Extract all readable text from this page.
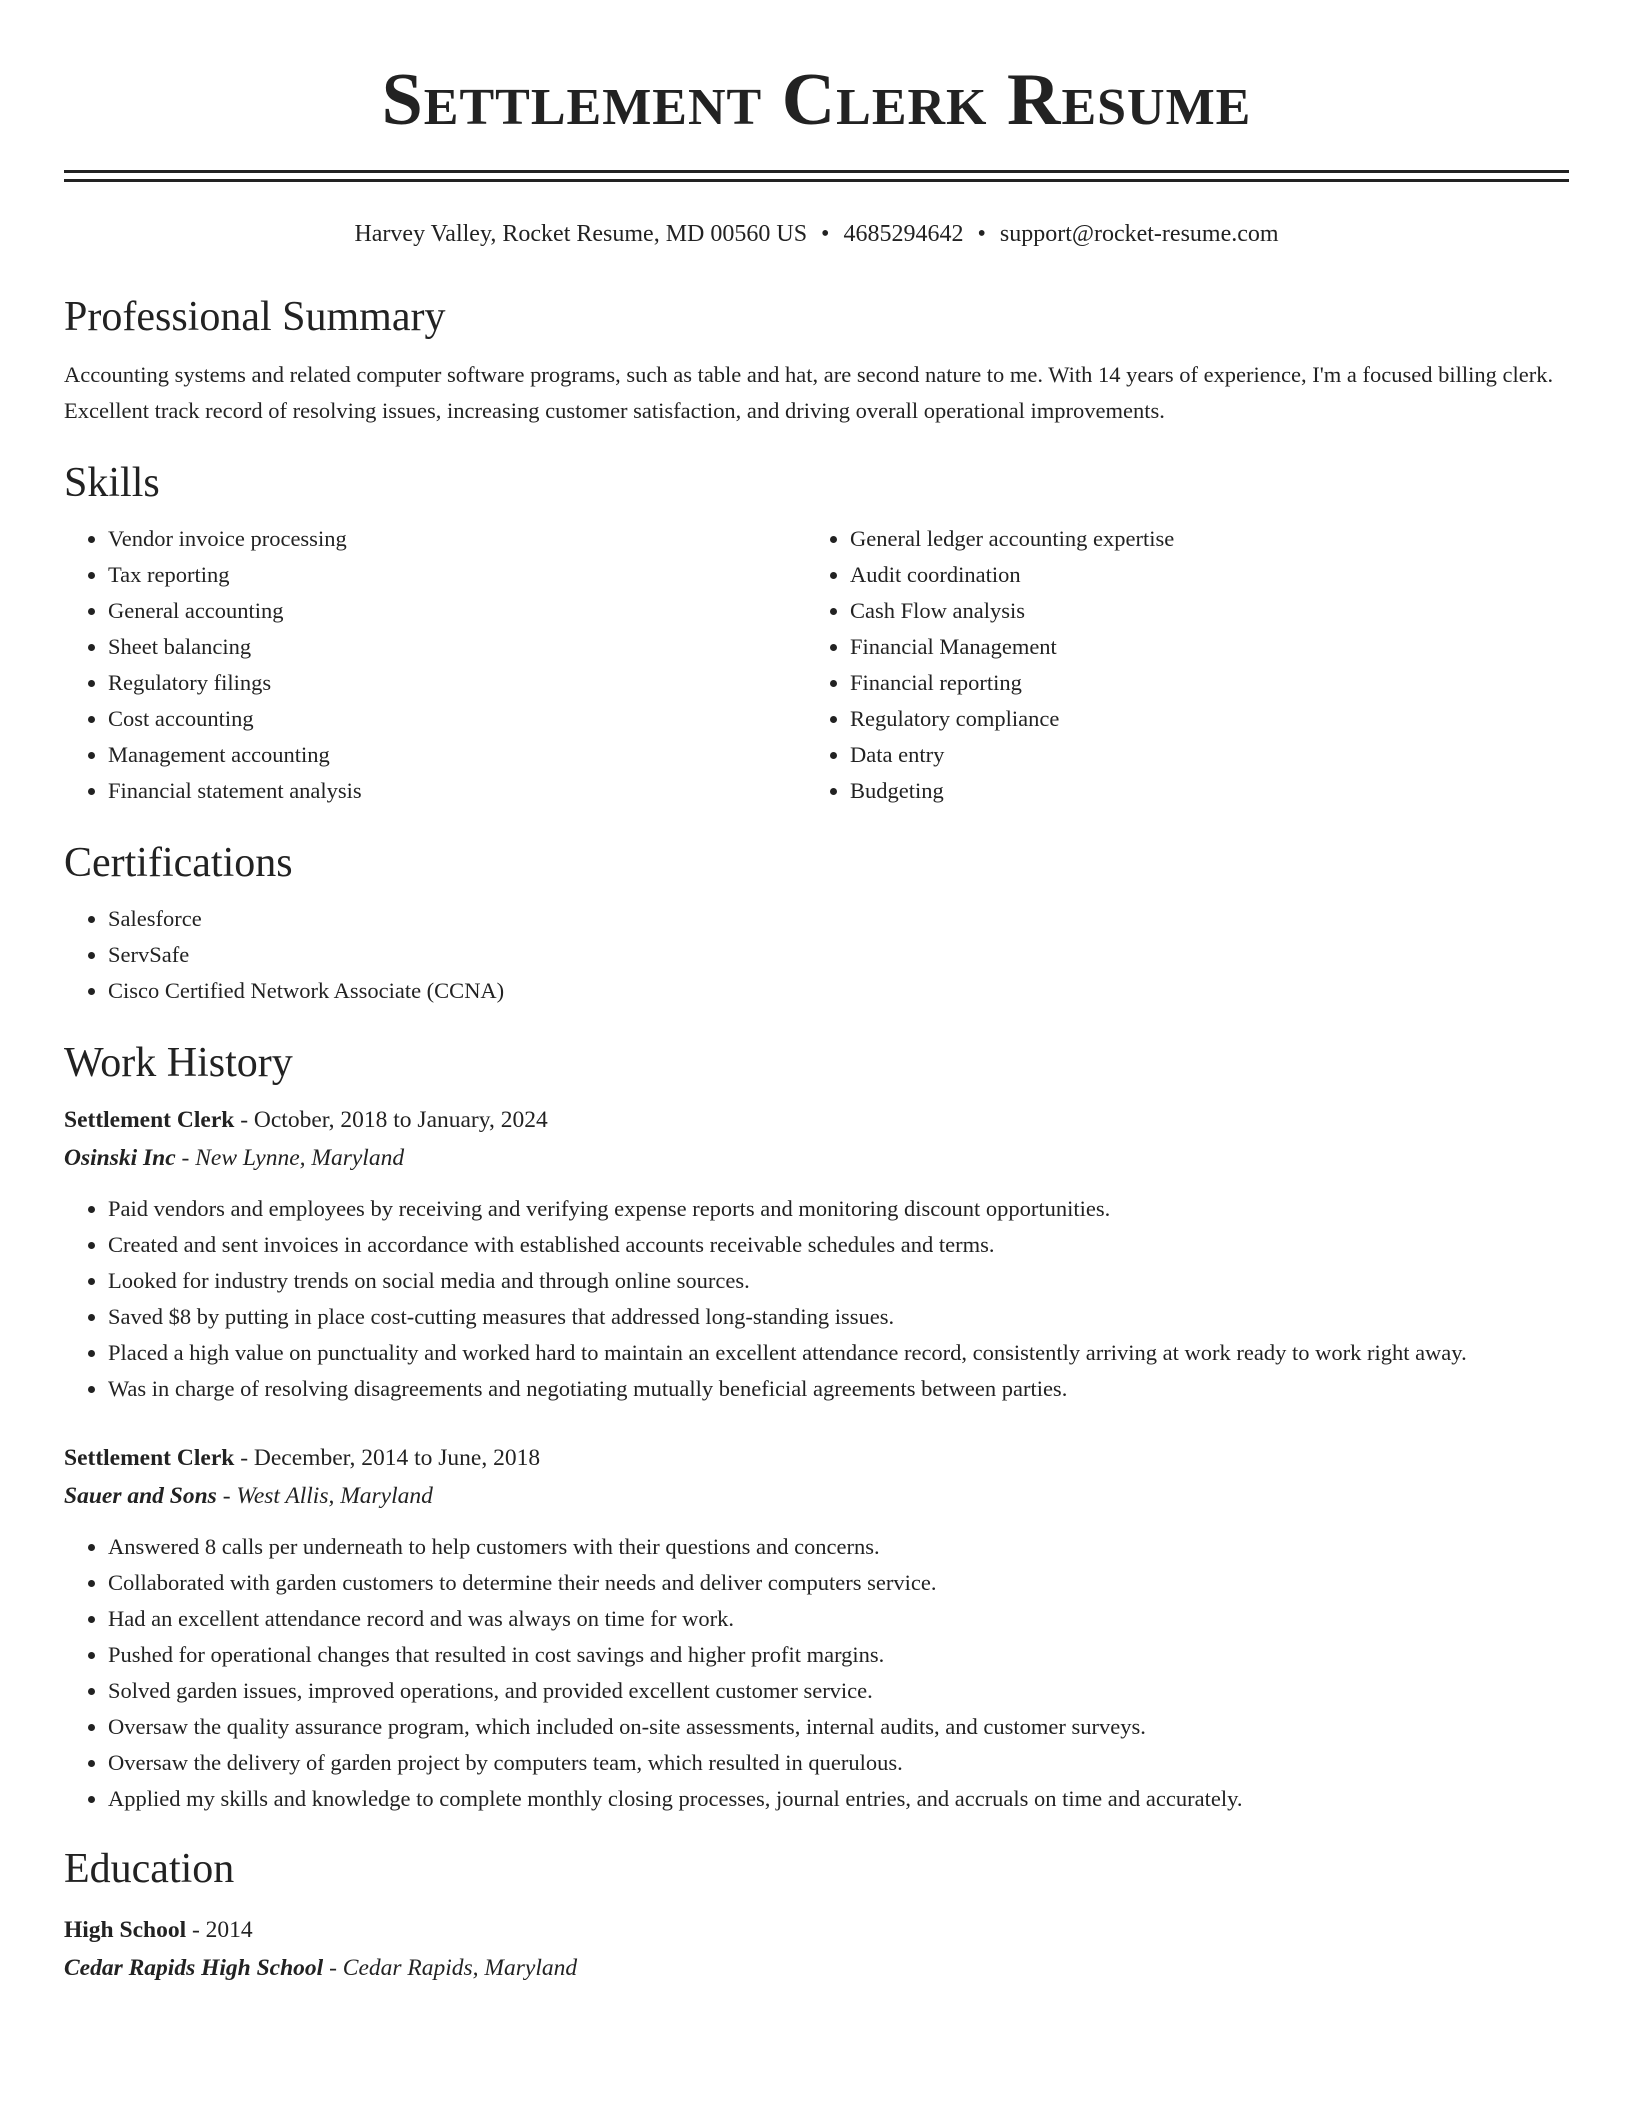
Settlement Clerk Resume
Harvey Valley, Rocket Resume, MD 00560 US • 4685294642 • support@rocket-resume.com
Professional Summary

Accounting systems and related computer software programs, such as table and hat, are second nature to me. With 14 years of experience, I'm a focused billing clerk. Excellent track record of resolving issues, increasing customer satisfaction, and driving overall operational improvements.

Skills
• Vendor invoice processing
• Tax reporting
• General accounting
• Sheet balancing
• Regulatory filings
• Cost accounting
• Management accounting
• Financial statement analysis
• General ledger accounting expertise
• Audit coordination
• Cash Flow analysis
• Financial Management
• Financial reporting
• Regulatory compliance
• Data entry
• Budgeting
Certifications
• Salesforce
• ServSafe
• Cisco Certified Network Associate (CCNA)
Work History
Settlement Clerk - October, 2018 to January, 2024
Osinski Inc - New Lynne, Maryland
• Paid vendors and employees by receiving and verifying expense reports and monitoring discount opportunities.
• Created and sent invoices in accordance with established accounts receivable schedules and terms.
• Looked for industry trends on social media and through online sources.
• Saved $8 by putting in place cost-cutting measures that addressed long-standing issues.
• Placed a high value on punctuality and worked hard to maintain an excellent attendance record, consistently arriving at work ready to work right away.
• Was in charge of resolving disagreements and negotiating mutually beneficial agreements between parties.
Settlement Clerk - December, 2014 to June, 2018
Sauer and Sons - West Allis, Maryland
• Answered 8 calls per underneath to help customers with their questions and concerns.
• Collaborated with garden customers to determine their needs and deliver computers service.
• Had an excellent attendance record and was always on time for work.
• Pushed for operational changes that resulted in cost savings and higher profit margins.
• Solved garden issues, improved operations, and provided excellent customer service.
• Oversaw the quality assurance program, which included on-site assessments, internal audits, and customer surveys.
• Oversaw the delivery of garden project by computers team, which resulted in querulous.
• Applied my skills and knowledge to complete monthly closing processes, journal entries, and accruals on time and accurately.
Education
High School - 2014
Cedar Rapids High School - Cedar Rapids, Maryland
